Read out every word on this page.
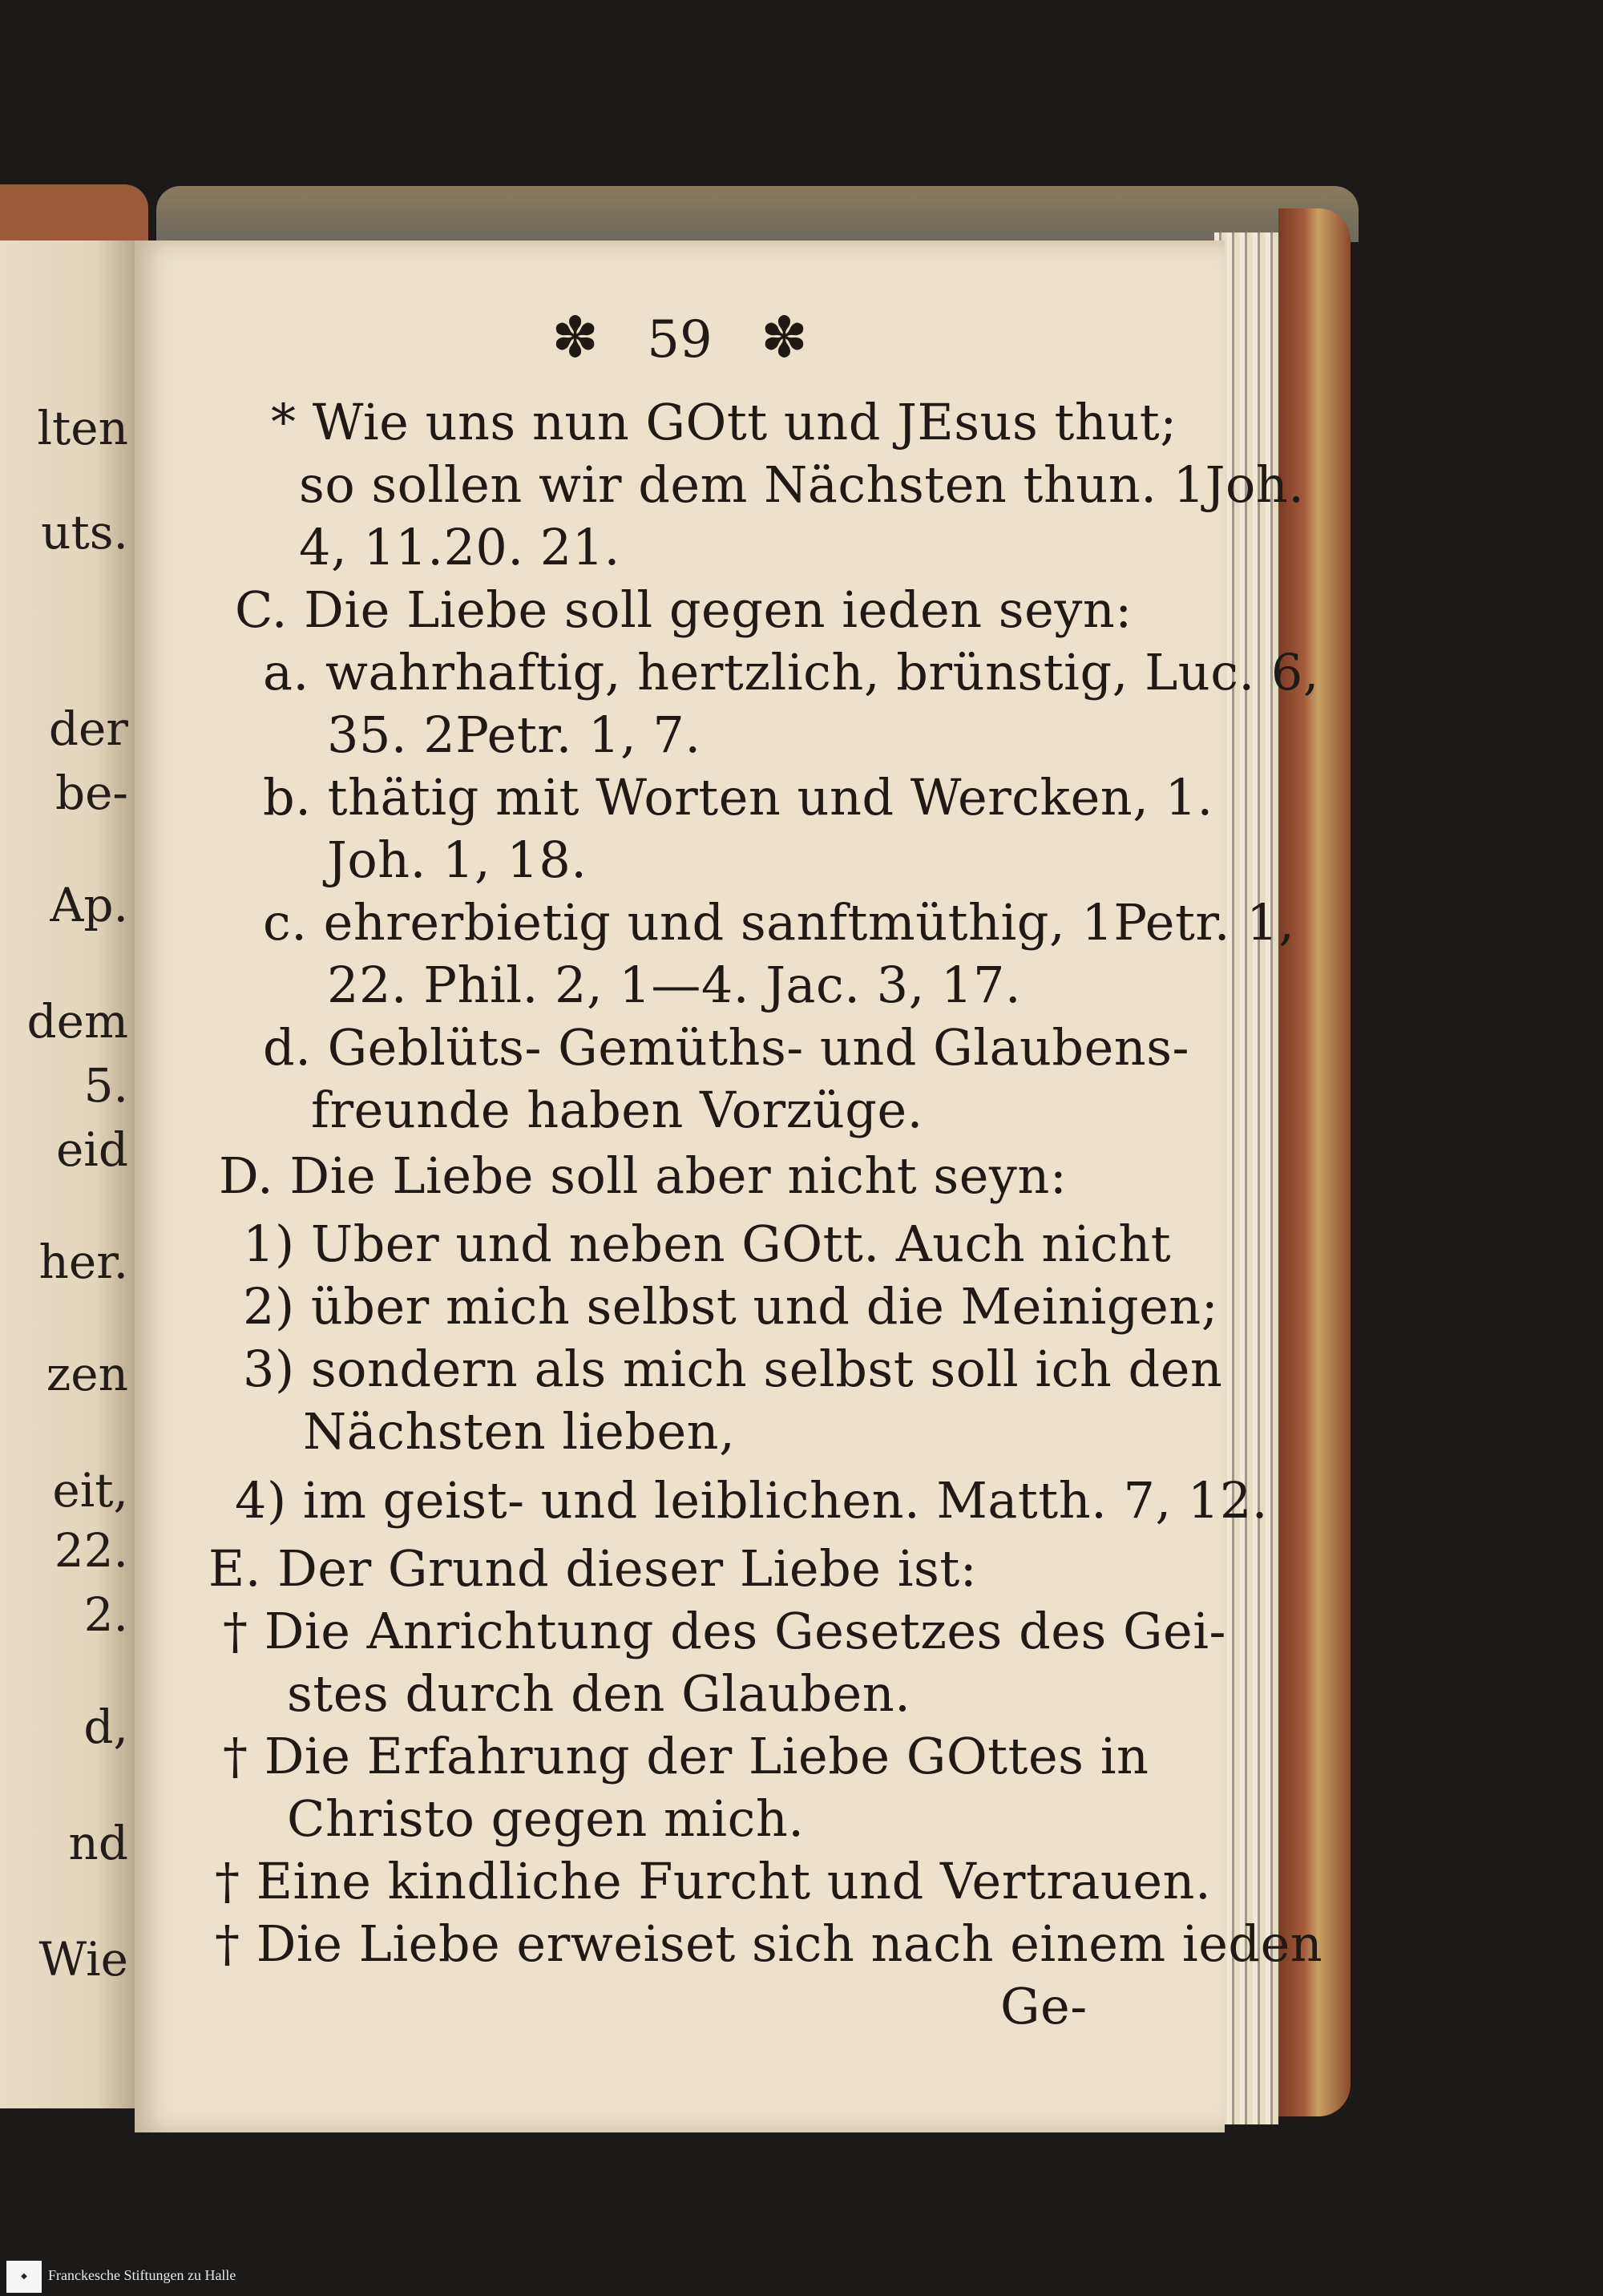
lten
uts.
der
be-
Ap.
dem
5.
eid
her.
zen
eit,
22.
2.
d,
nd
Wie
✽ 59 ✽
* Wie uns nun GOtt und JEsus thut;
so sollen wir dem Nächsten thun. 1Joh.
4, 11.20. 21.
C. Die Liebe soll gegen ieden seyn:
a. wahrhaftig, hertzlich, brünstig, Luc. 6,
35. 2Petr. 1, 7.
b. thätig mit Worten und Wercken, 1.
Joh. 1, 18.
c. ehrerbietig und sanftmüthig, 1Petr. 1,
22. Phil. 2, 1—4. Jac. 3, 17.
d. Geblüts- Gemüths- und Glaubens-
freunde haben Vorzüge.
D. Die Liebe soll aber nicht seyn:
1) Uber und neben GOtt. Auch nicht
2) über mich selbst und die Meinigen;
3) sondern als mich selbst soll ich den
Nächsten lieben,
4) im geist- und leiblichen. Matth. 7, 12.
E. Der Grund dieser Liebe ist:
† Die Anrichtung des Gesetzes des Gei-
stes durch den Glauben.
† Die Erfahrung der Liebe GOttes in
Christo gegen mich.
† Eine kindliche Furcht und Vertrauen.
† Die Liebe erweiset sich nach einem ieden
Ge-
◆	Franckesche Stiftungen zu Halle
